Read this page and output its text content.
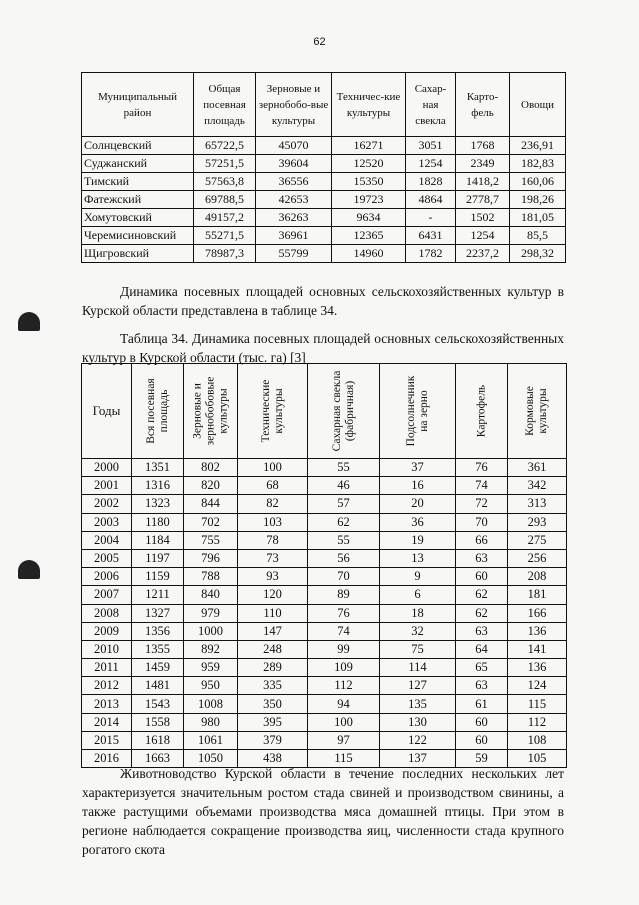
62
Муниципальный район	Общая посевная площадь	Зерновые и зернобобо-вые культуры	Техничес-кие культуры	Сахар-ная свекла	Карто-фель	Овощи
Солнцевский	65722,5	45070	16271	3051	1768	236,91
Суджанский	57251,5	39604	12520	1254	2349	182,83
Тимский	57563,8	36556	15350	1828	1418,2	160,06
Фатежский	69788,5	42653	19723	4864	2778,7	198,26
Хомутовский	49157,2	36263	9634	-	1502	181,05
Черемисиновский	55271,5	36961	12365	6431	1254	85,5
Щигровский	78987,3	55799	14960	1782	2237,2	298,32

Динамика посевных площадей основных сельскохозяйственных культур в Курской области представлена в таблице 34.

Таблица 34. Динамика посевных площадей основных сельскохозяйственных культур в Курской области (тыс. га) [3]

Годы	Вся посевная площадь	Зерновые и зернобобовые культуры	Технические культуры	Сахарная свекла (фабричная)	Подсолнечник на зерно	Картофель	Кормовые культуры

2000	1351	802	100	55	37	76	361
2001	1316	820	68	46	16	74	342
2002	1323	844	82	57	20	72	313
2003	1180	702	103	62	36	70	293
2004	1184	755	78	55	19	66	275
2005	1197	796	73	56	13	63	256
2006	1159	788	93	70	9	60	208
2007	1211	840	120	89	6	62	181
2008	1327	979	110	76	18	62	166
2009	1356	1000	147	74	32	63	136
2010	1355	892	248	99	75	64	141
2011	1459	959	289	109	114	65	136
2012	1481	950	335	112	127	63	124
2013	1543	1008	350	94	135	61	115
2014	1558	980	395	100	130	60	112
2015	1618	1061	379	97	122	60	108
2016	1663	1050	438	115	137	59	105

Животноводство Курской области в течение последних нескольких лет характеризуется значительным ростом стада свиней и производством свинины, а также растущими объемами производства мяса домашней птицы. При этом в регионе наблюдается сокращение производства яиц, численности стада крупного рогатого скота
